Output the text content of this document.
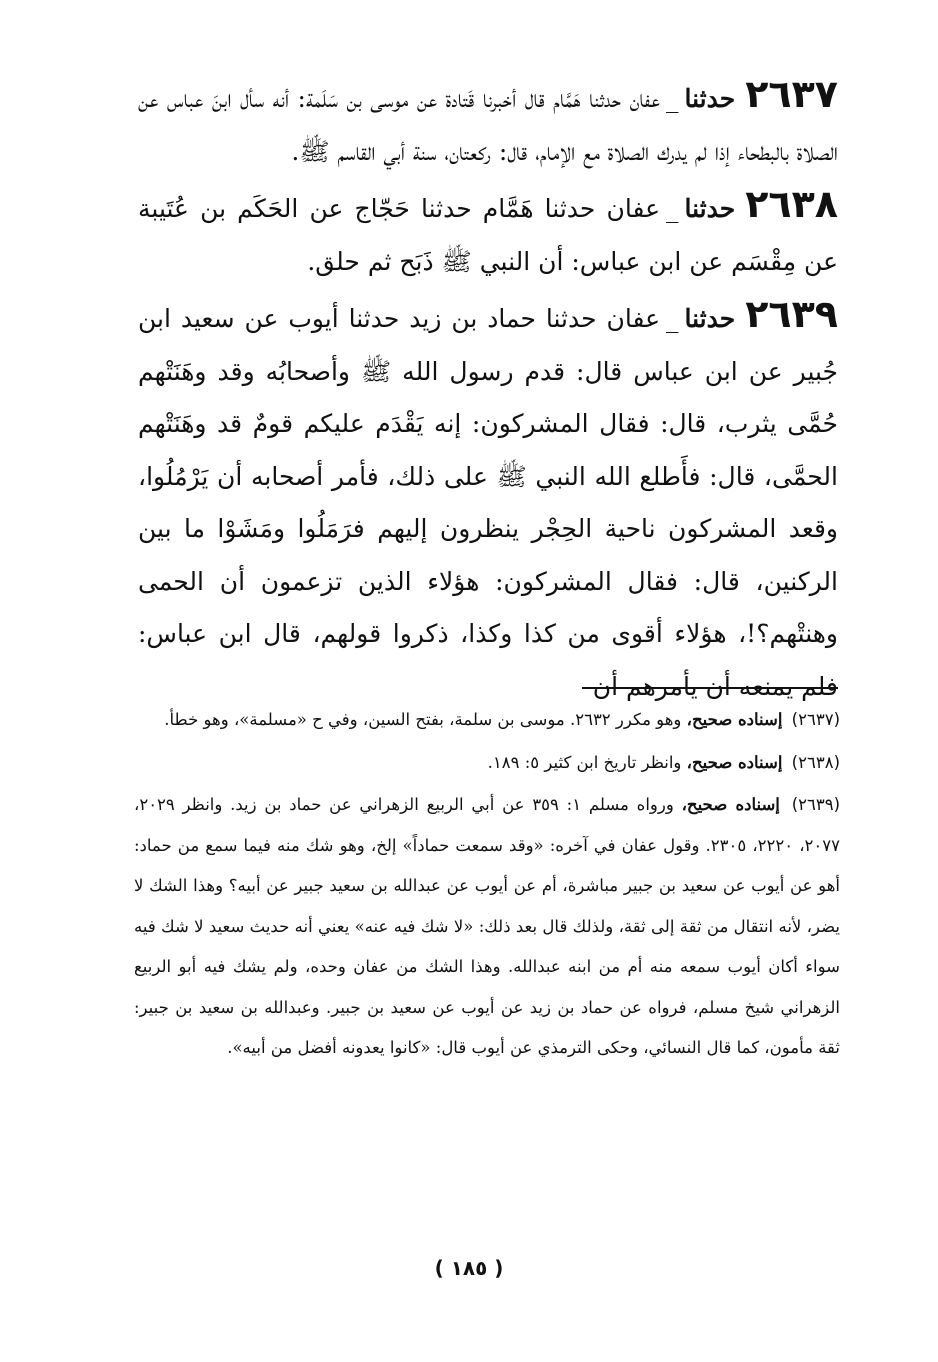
٢٦٣٧حدثنا_عفان حدثنا هَمَّام قال أخبرنا قَتادة عن موسى بن سَلَمة: أنه سأل ابنَ عباس عن الصلاة بالبطحاء إذا لم يدرك الصلاة مع الإمام، قال: ركعتان، سنة أبي القاسم ﷺ.

٢٦٣٨حدثنا_عفان حدثنا هَمَّام حدثنا حَجّاج عن الحَكَم بن عُتَيبة عن مِقْسَم عن ابن عباس: أن النبي ﷺ ذَبَح ثم حلق.

٢٦٣٩حدثنا_عفان حدثنا حماد بن زيد حدثنا أيوب عن سعيد ابن جُبير عن ابن عباس قال: قدم رسول الله ﷺ وأصحابُه وقد وهَنَتْهم حُمَّى يثرب، قال: فقال المشركون: إنه يَقْدَم عليكم قومٌ قد وهَنَتْهم الحمَّى، قال: فأَطلع الله النبي ﷺ على ذلك، فأمر أصحابه أن يَرْمُلُوا، وقعد المشركون ناحية الحِجْر ينظرون إليهم فرَمَلُوا ومَشَوْا ما بين الركنين، قال: فقال المشركون: هؤلاء الذين تزعمون أن الحمى وهنتْهم؟!، هؤلاء أقوى من كذا وكذا، ذكروا قولهم، قال ابن عباس: فلم يمنعه أن يأمرهم أن

(٢٦٣٧) إسناده صحيح، وهو مكرر ٢٦٣٢. موسى بن سلمة، بفتح السين، وفي ح «مسلمة»، وهو خطأ.

(٢٦٣٨) إسناده صحيح، وانظر تاريخ ابن كثير ٥: ١٨٩.

(٢٦٣٩) إسناده صحيح، ورواه مسلم ١: ٣٥٩ عن أبي الربيع الزهراني عن حماد بن زيد. وانظر ٢٠٢٩، ٢٠٧٧، ٢٢٢٠، ٢٣٠٥. وقول عفان في آخره: «وقد سمعت حماداً» إلخ، وهو شك منه فيما سمع من حماد: أهو عن أيوب عن سعيد بن جبير مباشرة، أم عن أيوب عن عبدالله بن سعيد جبير عن أبيه؟ وهذا الشك لا يضر، لأنه انتقال من ثقة إلى ثقة، ولذلك قال بعد ذلك: «لا شك فيه عنه» يعني أنه حديث سعيد لا شك فيه سواء أكان أيوب سمعه منه أم من ابنه عبدالله. وهذا الشك من عفان وحده، ولم يشك فيه أبو الربيع الزهراني شيخ مسلم، فرواه عن حماد بن زيد عن أيوب عن سعيد بن جبير. وعبدالله بن سعيد بن جبير: ثقة مأمون، كما قال النسائي، وحكى الترمذي عن أيوب قال: «كانوا يعدونه أفضل من أبيه».

( ١٨٥ )
